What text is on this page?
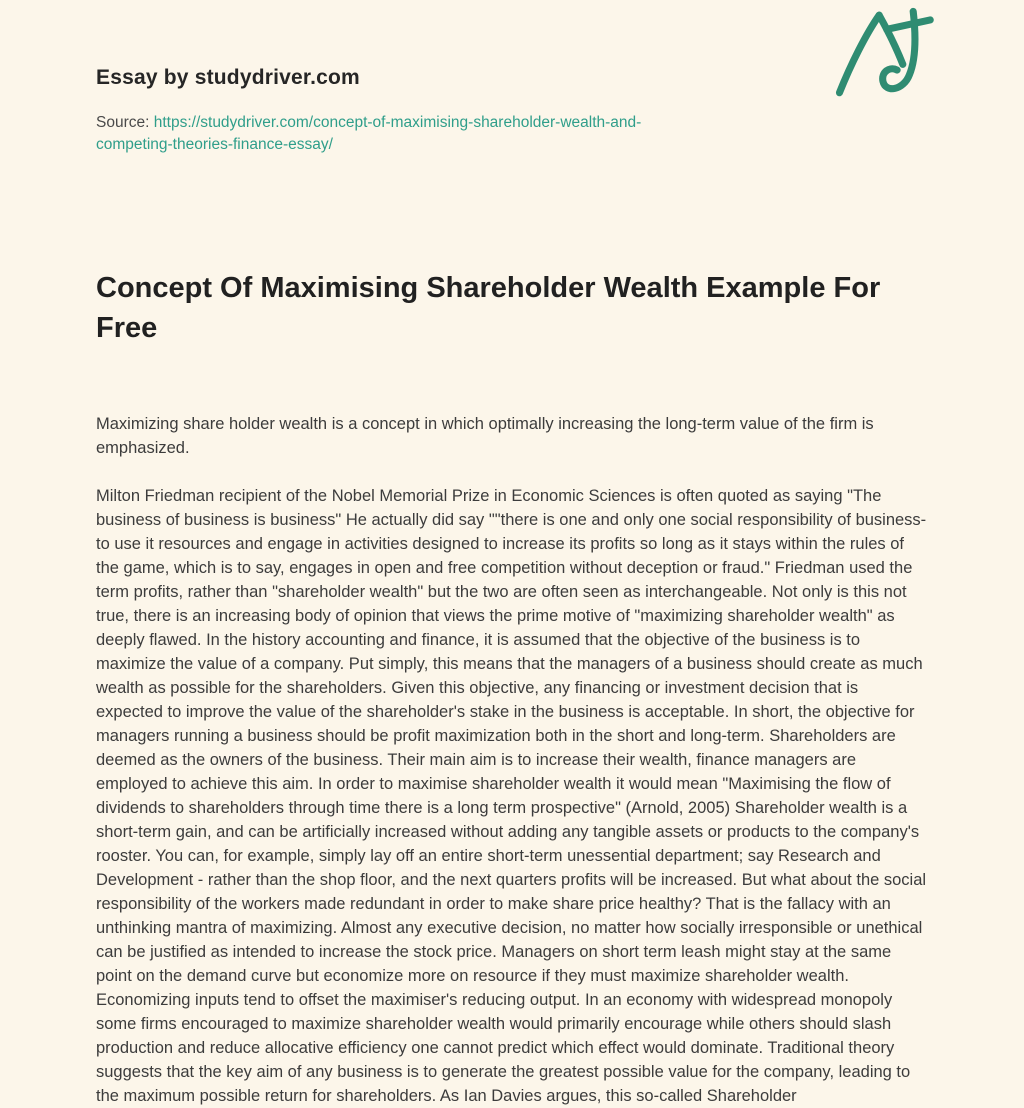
Essay by studydriver.com
Source: https://studydriver.com/concept-of-maximising-shareholder-wealth-and-competing-theories-finance-essay/
Concept Of Maximising Shareholder Wealth Example For Free

Maximizing share holder wealth is a concept in which optimally increasing the long-term value of the firm is emphasized.

Milton Friedman recipient of the Nobel Memorial Prize in Economic Sciences is often quoted as saying "The business of business is business" He actually did say ""there is one and only one social responsibility of business- to use it resources and engage in activities designed to increase its profits so long as it stays within the rules of the game, which is to say, engages in open and free competition without deception or fraud." Friedman used the term profits, rather than "shareholder wealth" but the two are often seen as interchangeable. Not only is this not true, there is an increasing body of opinion that views the prime motive of "maximizing shareholder wealth" as deeply flawed. In the history accounting and finance, it is assumed that the objective of the business is to maximize the value of a company. Put simply, this means that the managers of a business should create as much wealth as possible for the shareholders. Given this objective, any financing or investment decision that is expected to improve the value of the shareholder's stake in the business is acceptable. In short, the objective for managers running a business should be profit maximization both in the short and long-term. Shareholders are deemed as the owners of the business. Their main aim is to increase their wealth, finance managers are employed to achieve this aim. In order to maximise shareholder wealth it would mean "Maximising the flow of dividends to shareholders through time there is a long term prospective" (Arnold, 2005) Shareholder wealth is a short-term gain, and can be artificially increased without adding any tangible assets or products to the company's rooster. You can, for example, simply lay off an entire short-term unessential department; say Research and Development - rather than the shop floor, and the next quarters profits will be increased. But what about the social responsibility of the workers made redundant in order to make share price healthy? That is the fallacy with an unthinking mantra of maximizing. Almost any executive decision, no matter how socially irresponsible or unethical can be justified as intended to increase the stock price. Managers on short term leash might stay at the same point on the demand curve but economize more on resource if they must maximize shareholder wealth. Economizing inputs tend to offset the maximiser's reducing output. In an economy with widespread monopoly some firms encouraged to maximize shareholder wealth would primarily encourage while others should slash production and reduce allocative efficiency one cannot predict which effect would dominate. Traditional theory suggests that the key aim of any business is to generate the greatest possible value for the company, leading to the maximum possible return for shareholders. As Ian Davies argues, this so-called Shareholder
